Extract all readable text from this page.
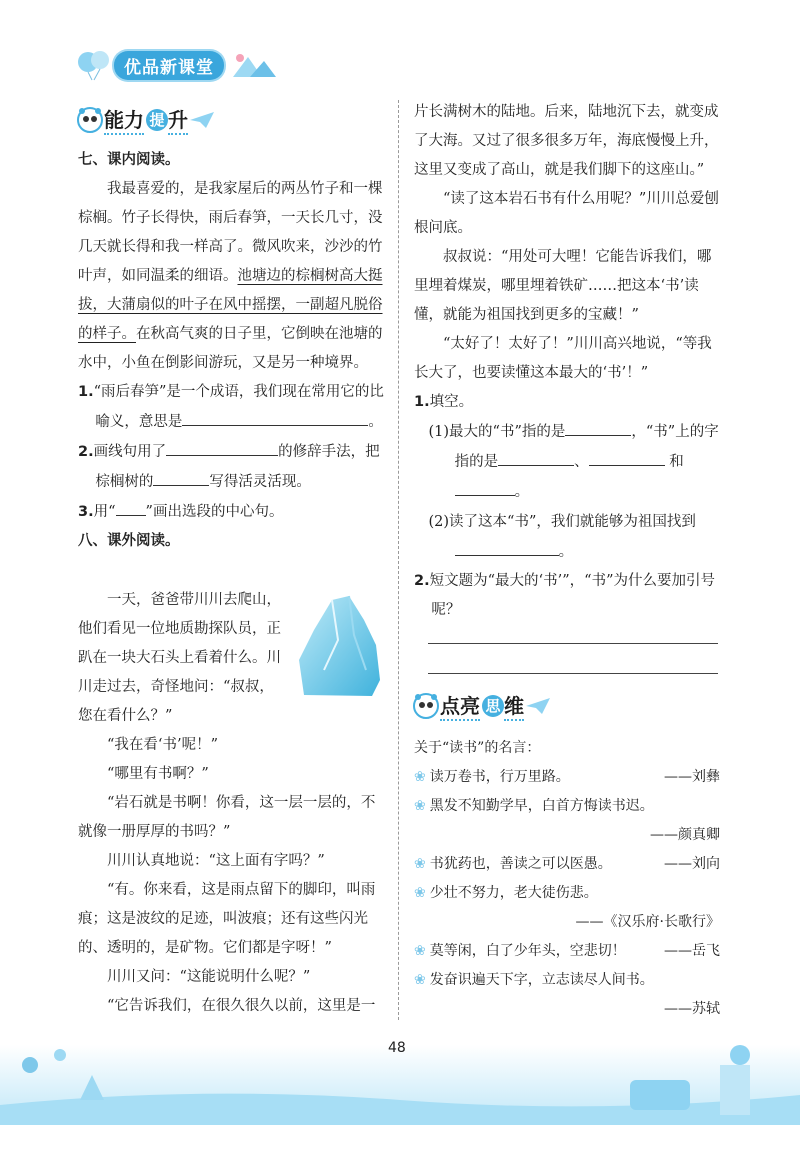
优品新课堂
能力 提 升

七、课内阅读。

我最喜爱的，是我家屋后的两丛竹子和一棵棕榈。竹子长得快，雨后春笋，一天长几寸，没几天就长得和我一样高了。微风吹来，沙沙的竹叶声，如同温柔的细语。池塘边的棕榈树高大挺拔，大蒲扇似的叶子在风中摇摆，一副超凡脱俗的样子。在秋高气爽的日子里，它倒映在池塘的水中，小鱼在倒影间游玩，又是另一种境界。

1.“雨后春笋”是一个成语，我们现在常用它的比喻义，意思是	。

2.画线句用了	的修辞手法，把棕榈树的	写得活灵活现。

3.用“ ”画出选段的中心句。

八、课外阅读。

一天，爸爸带川川去爬山，他们看见一位地质勘探队员，正趴在一块大石头上看着什么。川川走过去，奇怪地问：“叔叔，您在看什么？”

“我在看‘书’呢！”

“哪里有书啊？”

“岩石就是书啊！你看，这一层一层的，不就像一册厚厚的书吗？”

川川认真地说：“这上面有字吗？”

“有。你来看，这是雨点留下的脚印，叫雨痕；这是波纹的足迹，叫波痕；还有这些闪光的、透明的，是矿物。它们都是字呀！”

川川又问：“这能说明什么呢？”

“它告诉我们，在很久很久以前，这里是一

片长满树木的陆地。后来，陆地沉下去，就变成了大海。又过了很多很多万年，海底慢慢上升，这里又变成了高山，就是我们脚下的这座山。”

“读了这本岩石书有什么用呢？”川川总爱刨根问底。

叔叔说：“用处可大哩！它能告诉我们，哪里埋着煤炭，哪里埋着铁矿……把这本‘书’读懂，就能为祖国找到更多的宝藏！”

“太好了！太好了！”川川高兴地说，“等我长大了，也要读懂这本最大的‘书’！”

1.填空。

(1)最大的“书”指的是	，“书”上的字指的是	、	和
。

(2)读了这本“书”，我们就能够为祖国找到
。

2.短文题为“最大的‘书’”，“书”为什么要加引号呢？

点亮 思 维

关于“读书”的名言：

❀ 读万卷书，行万里路。	——刘彝
❀ 黑发不知勤学早，白首方悔读书迟。
——颜真卿
❀ 书犹药也，善读之可以医愚。	——刘向
❀ 少壮不努力，老大徒伤悲。
——《汉乐府·长歌行》
❀ 莫等闲，白了少年头，空悲切！	——岳飞
❀ 发奋识遍天下字，立志读尽人间书。
——苏轼
48
